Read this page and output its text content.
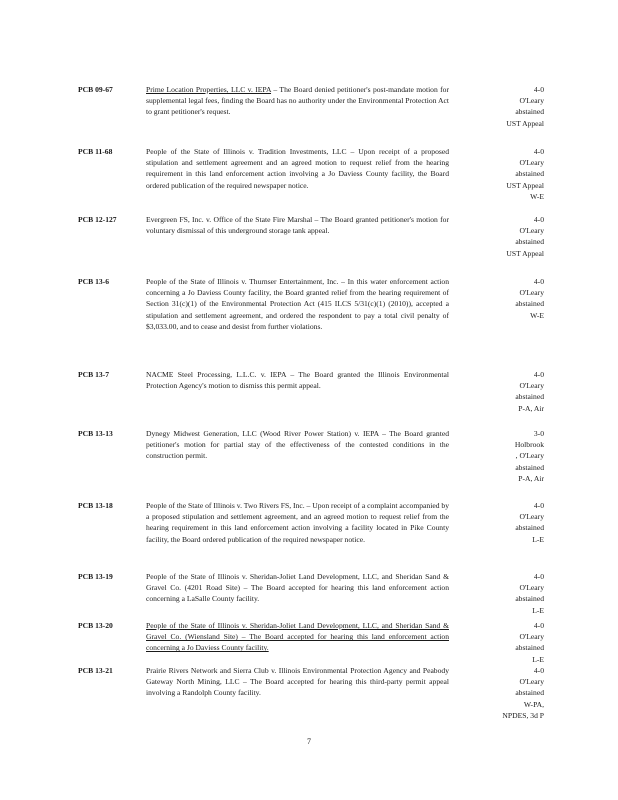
PCB 09-67	Prime Location Properties, LLC v. IEPA – The Board denied petitioner's post-mandate motion for supplemental legal fees, finding the Board has no authority under the Environmental Protection Act to grant petitioner's request.
4-0
O'Leary
abstained
UST Appeal
PCB 11-68	People of the State of Illinois v. Tradition Investments, LLC – Upon receipt of a proposed stipulation and settlement agreement and an agreed motion to request relief from the hearing requirement in this land enforcement action involving a Jo Daviess County facility, the Board ordered publication of the required newspaper notice.
4-0
O'Leary
abstained
UST Appeal
W-E
PCB 12-127	Evergreen FS, Inc. v. Office of the State Fire Marshal – The Board granted petitioner's motion for voluntary dismissal of this underground storage tank appeal.
4-0
O'Leary
abstained
UST Appeal
PCB 13-6	People of the State of Illinois v. Thurnser Entertainment, Inc. – In this water enforcement action concerning a Jo Daviess County facility, the Board granted relief from the hearing requirement of Section 31(c)(1) of the Environmental Protection Act (415 ILCS 5/31(c)(1) (2010)), accepted a stipulation and settlement agreement, and ordered the respondent to pay a total civil penalty of $3,033.00, and to cease and desist from further violations.
4-0
O'Leary
abstained
W-E
PCB 13-7	NACME Steel Processing, L.L.C. v. IEPA – The Board granted the Illinois Environmental Protection Agency's motion to dismiss this permit appeal.
4-0
O'Leary
abstained
P-A, Air
PCB 13-13	Dynegy Midwest Generation, LLC (Wood River Power Station) v. IEPA – The Board granted petitioner's motion for partial stay of the effectiveness of the contested conditions in the construction permit.
3-0
Holbrook
, O'Leary
abstained
P-A, Air
PCB 13-18	People of the State of Illinois v. Two Rivers FS, Inc. – Upon receipt of a complaint accompanied by a proposed stipulation and settlement agreement, and an agreed motion to request relief from the hearing requirement in this land enforcement action involving a facility located in Pike County facility, the Board ordered publication of the required newspaper notice.
4-0
O'Leary
abstained
L-E
PCB 13-19	People of the State of Illinois v. Sheridan-Joliet Land Development, LLC, and Sheridan Sand & Gravel Co. (4201 Road Site) – The Board accepted for hearing this land enforcement action concerning a LaSalle County facility.
4-0
O'Leary
abstained
L-E
PCB 13-20	People of the State of Illinois v. Sheridan-Joliet Land Development, LLC, and Sheridan Sand & Gravel Co. (Wiensland Site) – The Board accepted for hearing this land enforcement action concerning a Jo Daviess County facility.
4-0
O'Leary
abstained
L-E
PCB 13-21	Prairie Rivers Network and Sierra Club v. Illinois Environmental Protection Agency and Peabody Gateway North Mining, LLC – The Board accepted for hearing this third-party permit appeal involving a Randolph County facility.
4-0
O'Leary
abstained
W-PA,
NPDES, 3d P
7
